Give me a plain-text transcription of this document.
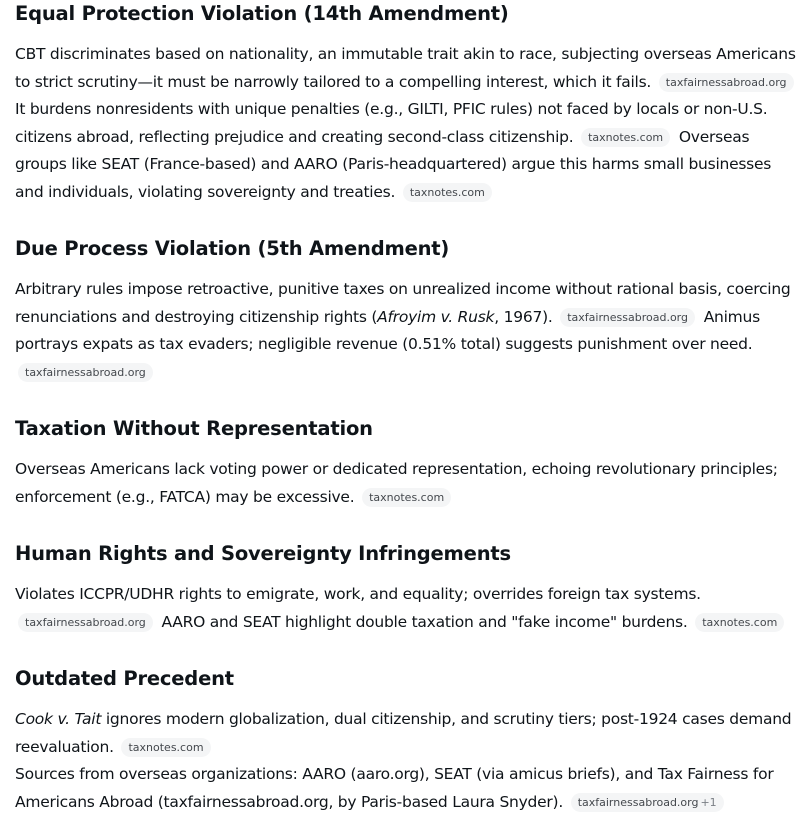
Equal Protection Violation (14th Amendment)

CBT discriminates based on nationality, an immutable trait akin to race, subjecting overseas Americans to strict scrutiny—it must be narrowly tailored to a compelling interest, which it fails. taxfairnessabroad.org It burdens nonresidents with unique penalties (e.g., GILTI, PFIC rules) not faced by locals or non-U.S. citizens abroad, reflecting prejudice and creating second-class citizenship. taxnotes.com Overseas groups like SEAT (France-based) and AARO (Paris-headquartered) argue this harms small businesses and individuals, violating sovereignty and treaties. taxnotes.com

Due Process Violation (5th Amendment)

Arbitrary rules impose retroactive, punitive taxes on unrealized income without rational basis, coercing renunciations and destroying citizenship rights (Afroyim v. Rusk, 1967). taxfairnessabroad.org Animus portrays expats as tax evaders; negligible revenue (0.51% total) suggests punishment over need. taxfairnessabroad.org

Taxation Without Representation

Overseas Americans lack voting power or dedicated representation, echoing revolutionary principles; enforcement (e.g., FATCA) may be excessive. taxnotes.com

Human Rights and Sovereignty Infringements

Violates ICCPR/UDHR rights to emigrate, work, and equality; overrides foreign tax systems. taxfairnessabroad.org AARO and SEAT highlight double taxation and "fake income" burdens. taxnotes.com

Outdated Precedent

Cook v. Tait ignores modern globalization, dual citizenship, and scrutiny tiers; post-1924 cases demand reevaluation. taxnotes.com

Sources from overseas organizations: AARO (aaro.org), SEAT (via amicus briefs), and Tax Fairness for Americans Abroad (taxfairnessabroad.org, by Paris-based Laura Snyder). taxfairnessabroad.org +1
